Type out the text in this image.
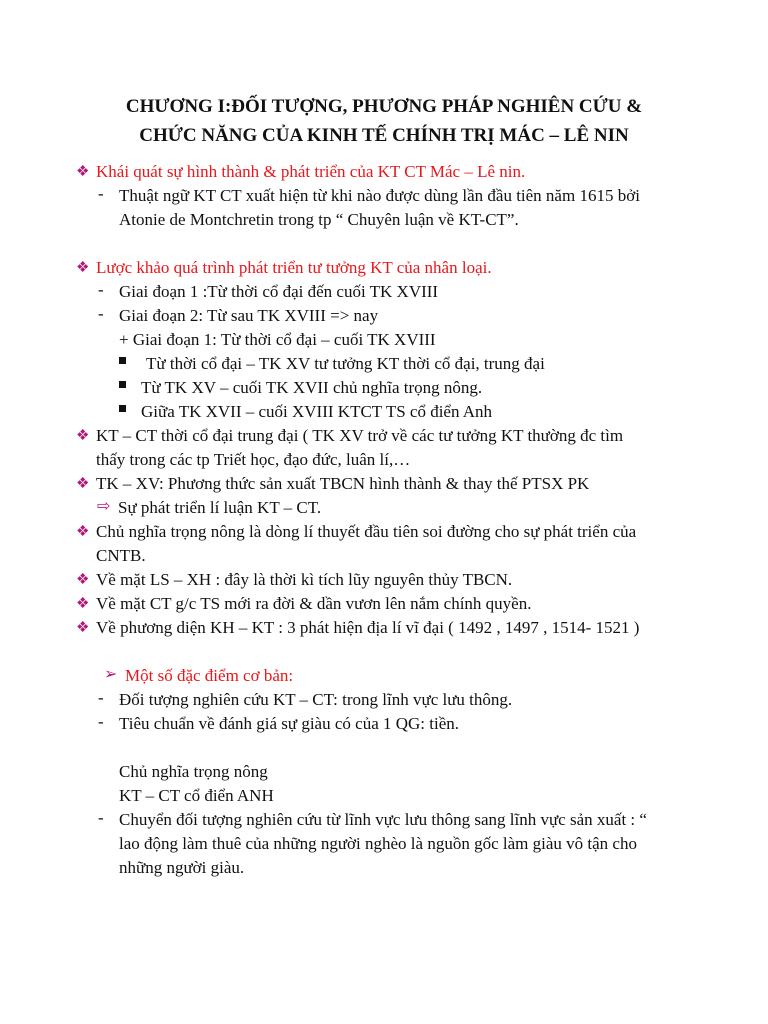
CHƯƠNG I:ĐỐI TƯỢNG, PHƯƠNG PHÁP NGHIÊN CỨU &
CHỨC NĂNG CỦA KINH TẾ CHÍNH TRỊ MÁC – LÊ NIN
❖ Khái quát sự hình thành & phát triển của KT CT Mác – Lê nin.
- Thuật ngữ KT CT xuất hiện từ khi nào được dùng lần đầu tiên năm 1615 bởi
Atonie de Montchretin trong tp “ Chuyên luận về KT-CT”.
❖ Lược khảo quá trình phát triển tư tưởng KT của nhân loại.
- Giai đoạn 1 :Từ thời cổ đại đến cuối TK XVIII
- Giai đoạn 2: Từ sau TK XVIII => nay
+ Giai đoạn 1: Từ thời cổ đại – cuối TK XVIII
Từ thời cổ đại – TK XV tư tưởng KT thời cổ đại, trung đại
Từ TK XV – cuối TK XVII chủ nghĩa trọng nông.
Giữa TK XVII – cuối XVIII KTCT TS cổ điển Anh
❖ KT – CT thời cổ đại trung đại ( TK XV trở về các tư tưởng KT thường đc tìm
thấy trong các tp Triết học, đạo đức, luân lí,…
❖ TK – XV: Phương thức sản xuất TBCN hình thành & thay thế PTSX PK
⇨ Sự phát triển lí luận KT – CT.
❖ Chủ nghĩa trọng nông là dòng lí thuyết đầu tiên soi đường cho sự phát triển của
CNTB.
❖ Về mặt LS – XH : đây là thời kì tích lũy nguyên thủy TBCN.
❖ Về mặt CT g/c TS mới ra đời & dần vươn lên nắm chính quyền.
❖ Về phương diện KH – KT : 3 phát hiện địa lí vĩ đại ( 1492 , 1497 , 1514- 1521 )
➢ Một số đặc điểm cơ bản:
- Đối tượng nghiên cứu KT – CT: trong lĩnh vực lưu thông.
- Tiêu chuẩn về đánh giá sự giàu có của 1 QG: tiền.
Chủ nghĩa trọng nông
KT – CT cổ điển ANH
- Chuyển đối tượng nghiên cứu từ lĩnh vực lưu thông sang lĩnh vực sản xuất : “
lao động làm thuê của những người nghèo là nguồn gốc làm giàu vô tận cho
những người giàu.
